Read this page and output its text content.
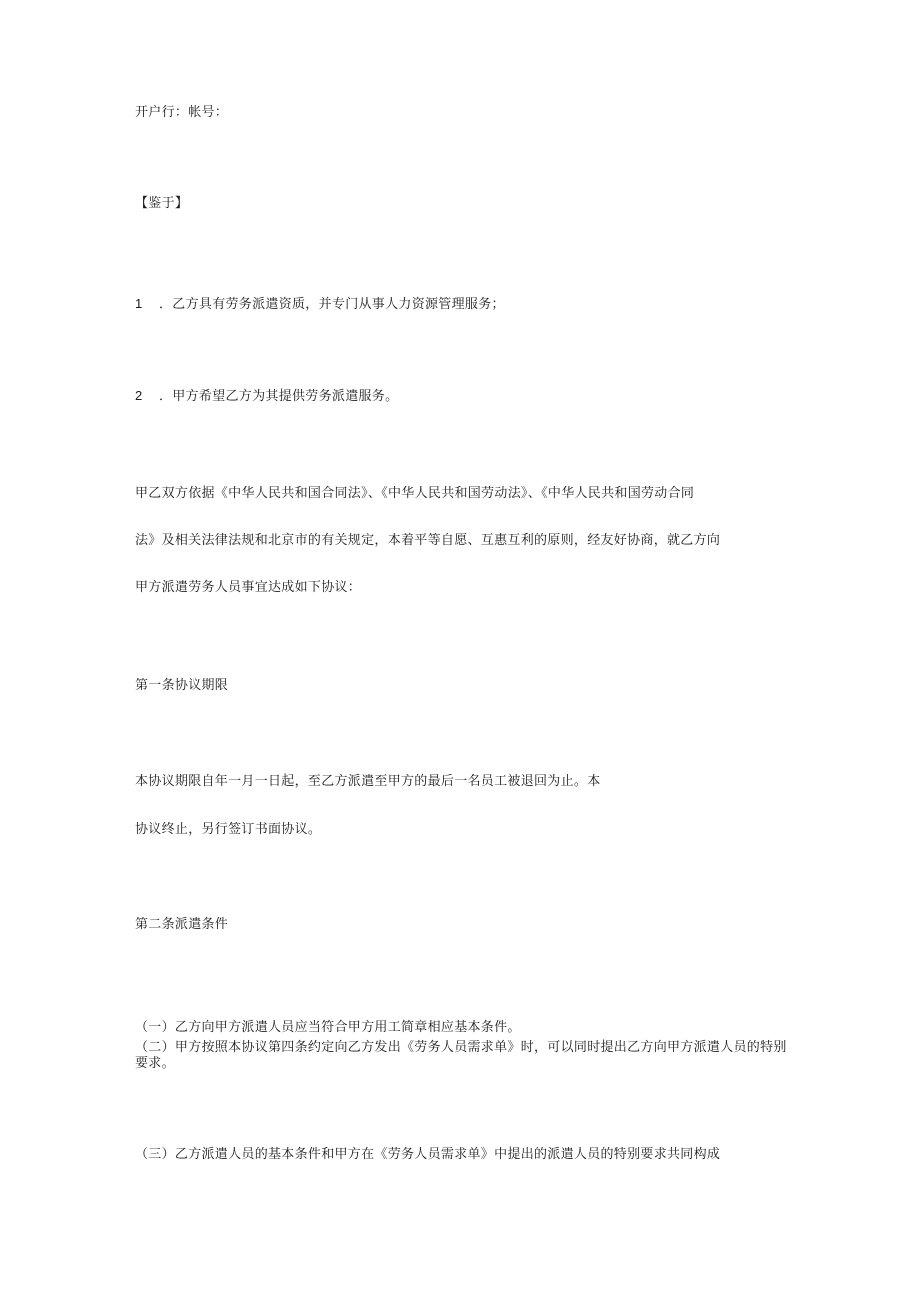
开户行：帐号：
【鉴于】
1 ．乙方具有劳务派遣资质，并专门从事人力资源管理服务；
2 ．甲方希望乙方为其提供劳务派遣服务。
甲乙双方依据《中华人民共和国合同法》、《中华人民共和国劳动法》、《中华人民共和国劳动合同
法》及相关法律法规和北京市的有关规定，本着平等自愿、互惠互利的原则，经友好协商，就乙方向
甲方派遣劳务人员事宜达成如下协议：
第一条协议期限
本协议期限自年一月一日起，至乙方派遣至甲方的最后一名员工被退回为止。本
协议终止，另行签订书面协议。
第二条派遣条件
（一）乙方向甲方派遣人员应当符合甲方用工简章相应基本条件。
（二）甲方按照本协议第四条约定向乙方发出《劳务人员需求单》时，可以同时提出乙方向甲方派遣人员的特别要求。
（三）乙方派遣人员的基本条件和甲方在《劳务人员需求单》中提出的派遣人员的特别要求共同构成
